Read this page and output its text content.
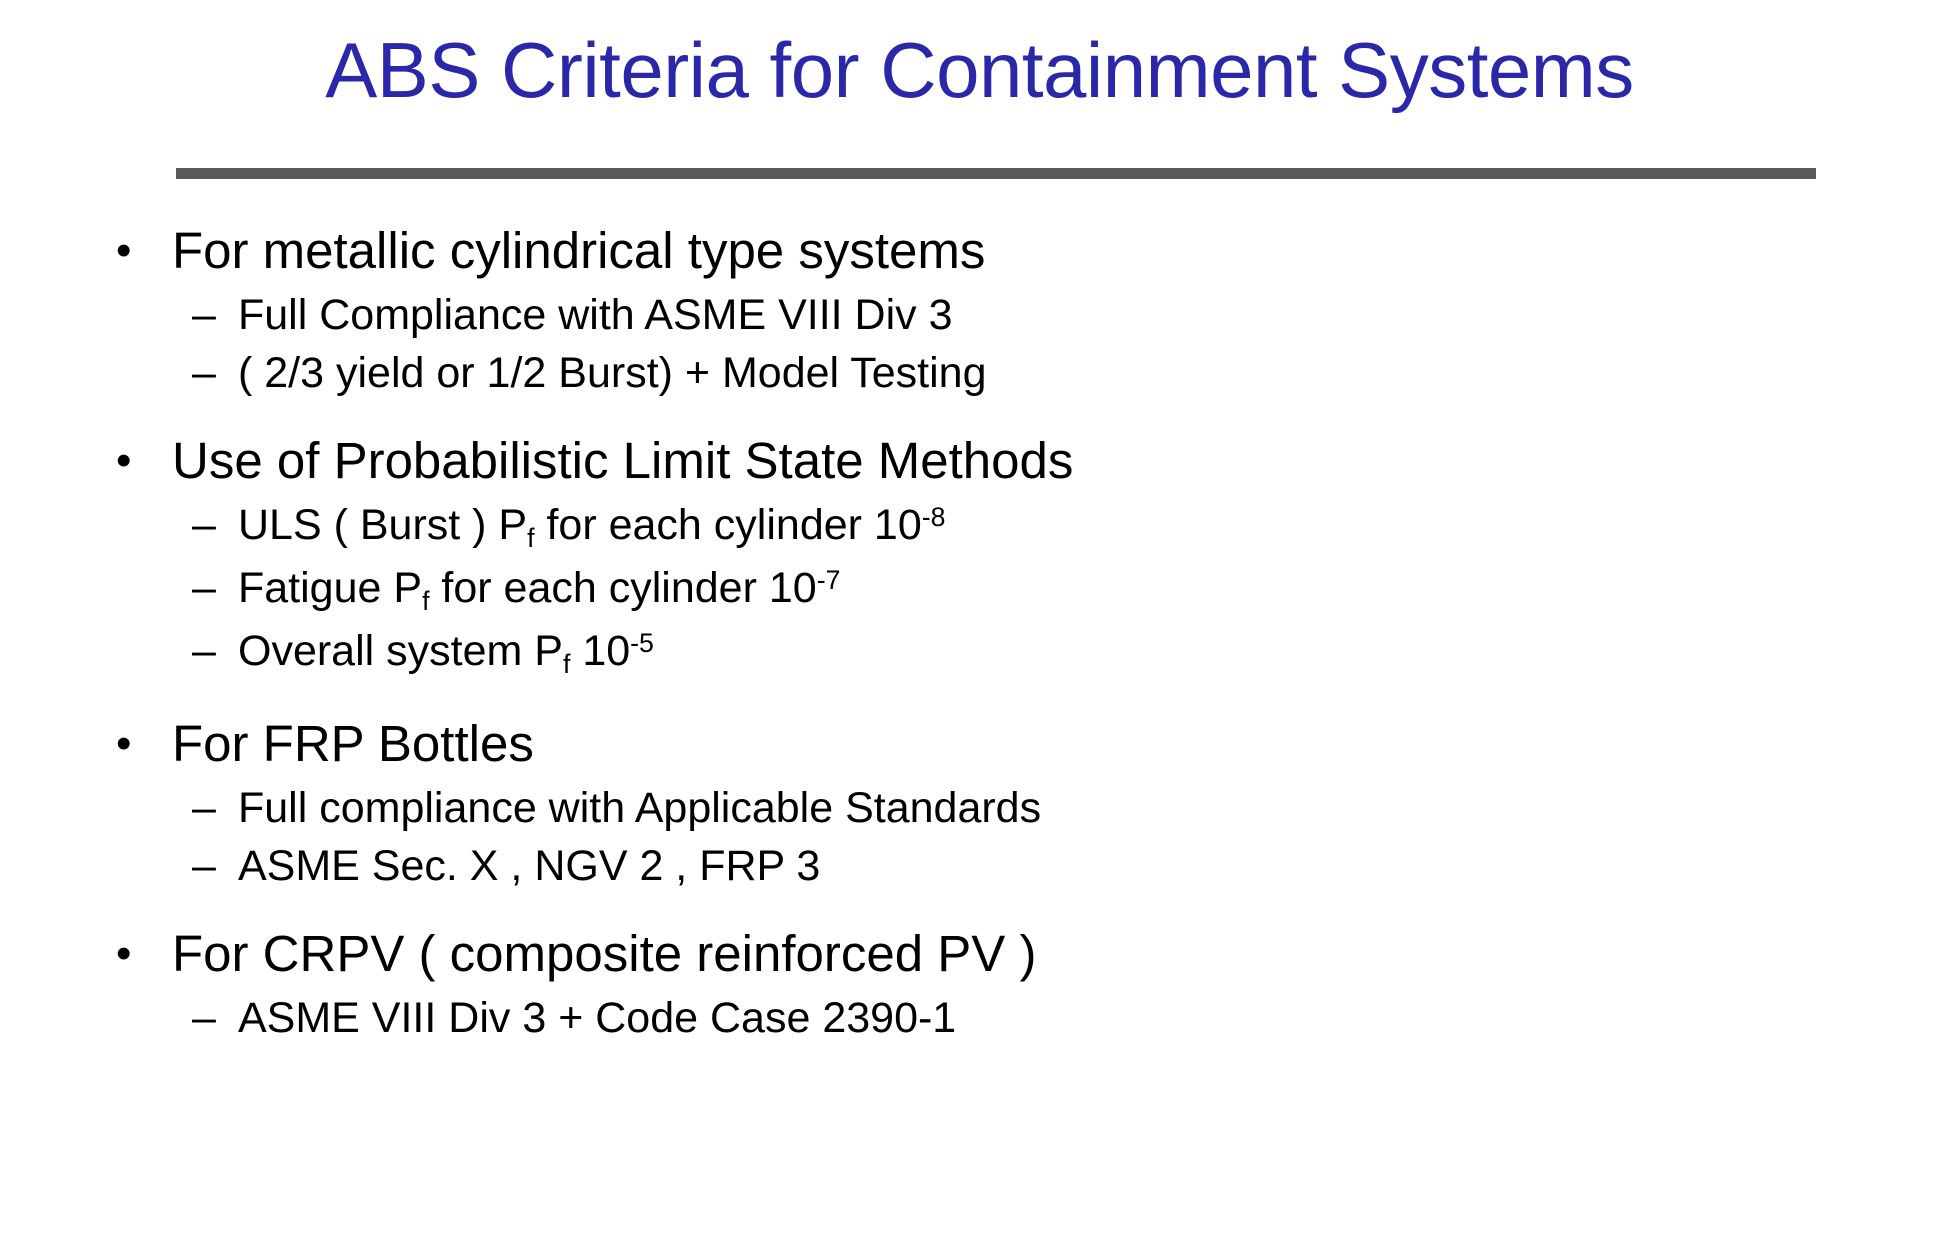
ABS Criteria for Containment Systems
• For metallic cylindrical type systems
– Full Compliance with ASME VIII Div 3
– ( 2/3 yield or 1/2 Burst) + Model Testing
• Use of Probabilistic Limit State Methods
– ULS ( Burst ) $P_f$ for each cylinder $10^{-8}$
– Fatigue $P_f$ for each cylinder $10^{-7}$
– Overall system $P_f$ $10^{-5}$
• For FRP Bottles
– Full compliance with Applicable Standards
– ASME Sec. X , NGV 2 , FRP 3
• For CRPV ( composite reinforced PV )
– ASME VIII Div 3 + Code Case 2390-1
